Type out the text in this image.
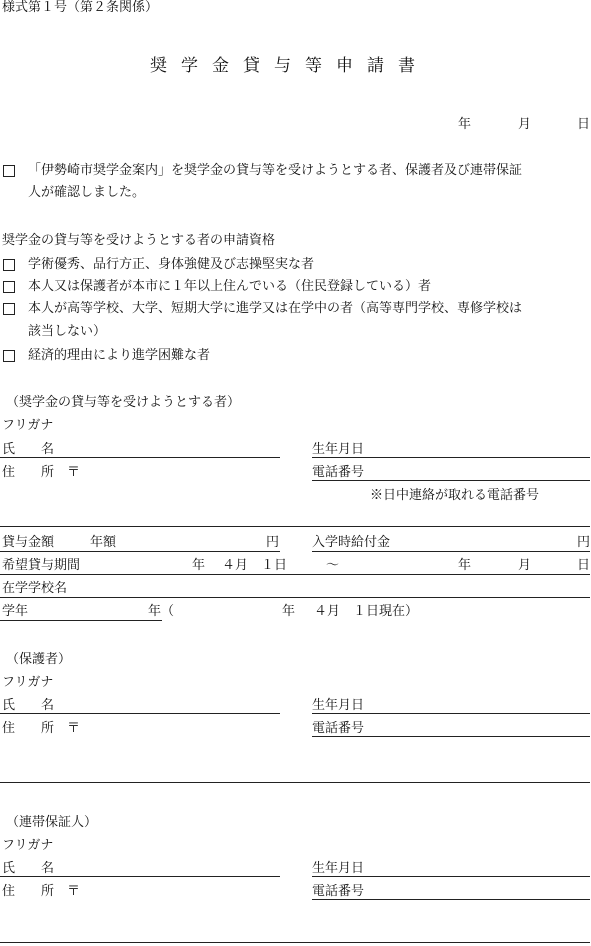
様式第１号（第２条関係）
奨学金貸与等申請書
年	月	日
「伊勢崎市奨学金案内」を奨学金の貸与等を受けようとする者、保護者及び連帯保証
人が確認しました。
奨学金の貸与等を受けようとする者の申請資格
学術優秀、品行方正、身体強健及び志操堅実な者
本人又は保護者が本市に１年以上住んでいる（住民登録している）者
本人が高等学校、大学、短期大学に進学又は在学中の者（高等専門学校、専修学校は
該当しない）
経済的理由により進学困難な者
（奨学金の貸与等を受けようとする者）
フリガナ
氏　　名	生年月日
住　　所　〒	電話番号
※日中連絡が取れる電話番号
貸与金額	年額	円	入学時給付金	円
希望貸与期間	年 ４月　１日	～	年	月	日
在学学校名
学年	年（	年 ４月　１日現在）
（保護者）
フリガナ
氏　　名	生年月日
住　　所　〒	電話番号
（連帯保証人）
フリガナ
氏　　名	生年月日
住　　所　〒	電話番号
